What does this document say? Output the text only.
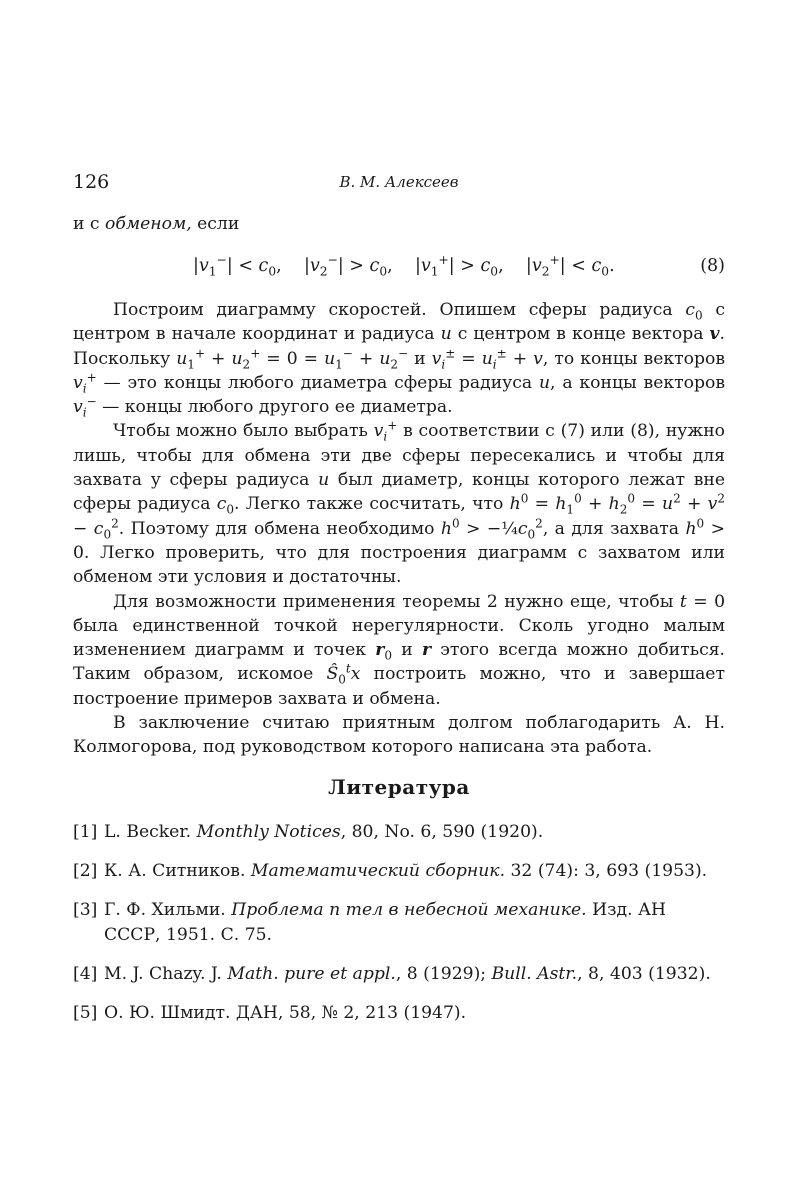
126	В. М. Алексеев
и с обменом, если
$|v_1^-| < c_0$,    $|v_2^-| > c_0$,    $|v_1^+| > c_0$,    $|v_2^+| < c_0$.	(8)

Построим диаграмму скоростей. Опишем сферы радиуса $c_0$ с центром в начале координат и радиуса u с центром в конце вектора v. Поскольку $u_1^+ + u_2^+ = 0 = u_1^- + u_2^-$ и $v_i^\pm = u_i^\pm + v$, то концы векторов $v_i^+$ — это концы любого диаметра сферы радиуса u, а концы векторов $v_i^-$ — концы любого другого ее диаметра.

Чтобы можно было выбрать $v_i^+$ в соответствии с (7) или (8), нужно лишь, чтобы для обмена эти две сферы пересекались и чтобы для захвата у сферы радиуса u был диаметр, концы которого лежат вне сферы радиуса $c_0$. Легко также сосчитать, что $h^0 = h_1^0 + h_2^0 = u^2 + v^2 - c_0^2$. Поэтому для обмена необходимо $h^0$ > $-\frac{1}{4}c_0^2$, а для захвата $h^0 > 0$. Легко проверить, что для построения диаграмм с захватом или обменом эти условия и достаточны.

Для возможности применения теоремы 2 нужно еще, чтобы t = 0 была единственной точкой нерегулярности. Сколь угодно малым изменением диаграмм и точек $r_0$ и r этого всегда можно добиться. Таким образом, искомое $Ŝ_0^tx$ построить можно, что и завершает построение примеров захвата и обмена.

В заключение считаю приятным долгом поблагодарить А. Н. Колмогорова, под руководством которого написана эта работа.

Литература
[1] L. Becker. Monthly Notices, 80, No. 6, 590 (1920).
[2] К. А. Ситников. Математический сборник. 32 (74): 3, 693 (1953).
[3] Г. Ф. Хильми. Проблема n тел в небесной механике. Изд. АН СССР, 1951. С. 75.
[4] M. J. Chazy. J. Math. pure et appl., 8 (1929); Bull. Astr., 8, 403 (1932).
[5] О. Ю. Шмидт. ДАН, 58, № 2, 213 (1947).
